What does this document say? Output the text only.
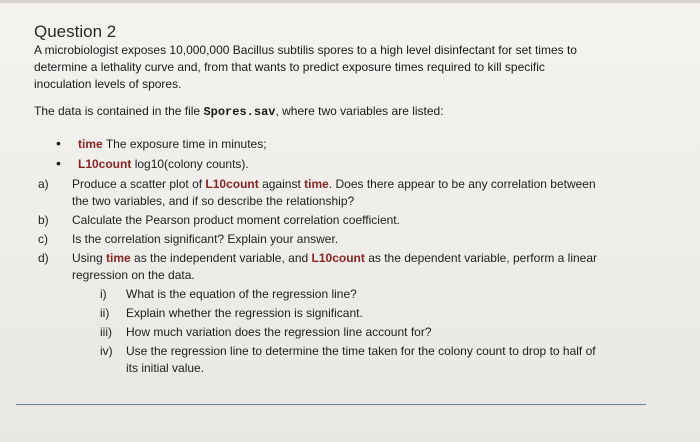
Question 2
A microbiologist exposes 10,000,000 Bacillus subtilis spores to a high level disinfectant for set times to
determine a lethality curve and, from that wants to predict exposure times required to kill specific
inoculation levels of spores.
The data is contained in the file Spores.sav, where two variables are listed:
• time The exposure time in minutes;
• L10count log10(colony counts).
a)	Produce a scatter plot of L10count against time. Does there appear to be any correlation between
the two variables, and if so describe the relationship?
b)	Calculate the Pearson product moment correlation coefficient.
c)	Is the correlation significant? Explain your answer.
d)	Using time as the independent variable, and L10count as the dependent variable, perform a linear
regression on the data.
i) What is the equation of the regression line?
ii) Explain whether the regression is significant.
iii) How much variation does the regression line account for?
iv) Use the regression line to determine the time taken for the colony count to drop to half of
its initial value.
